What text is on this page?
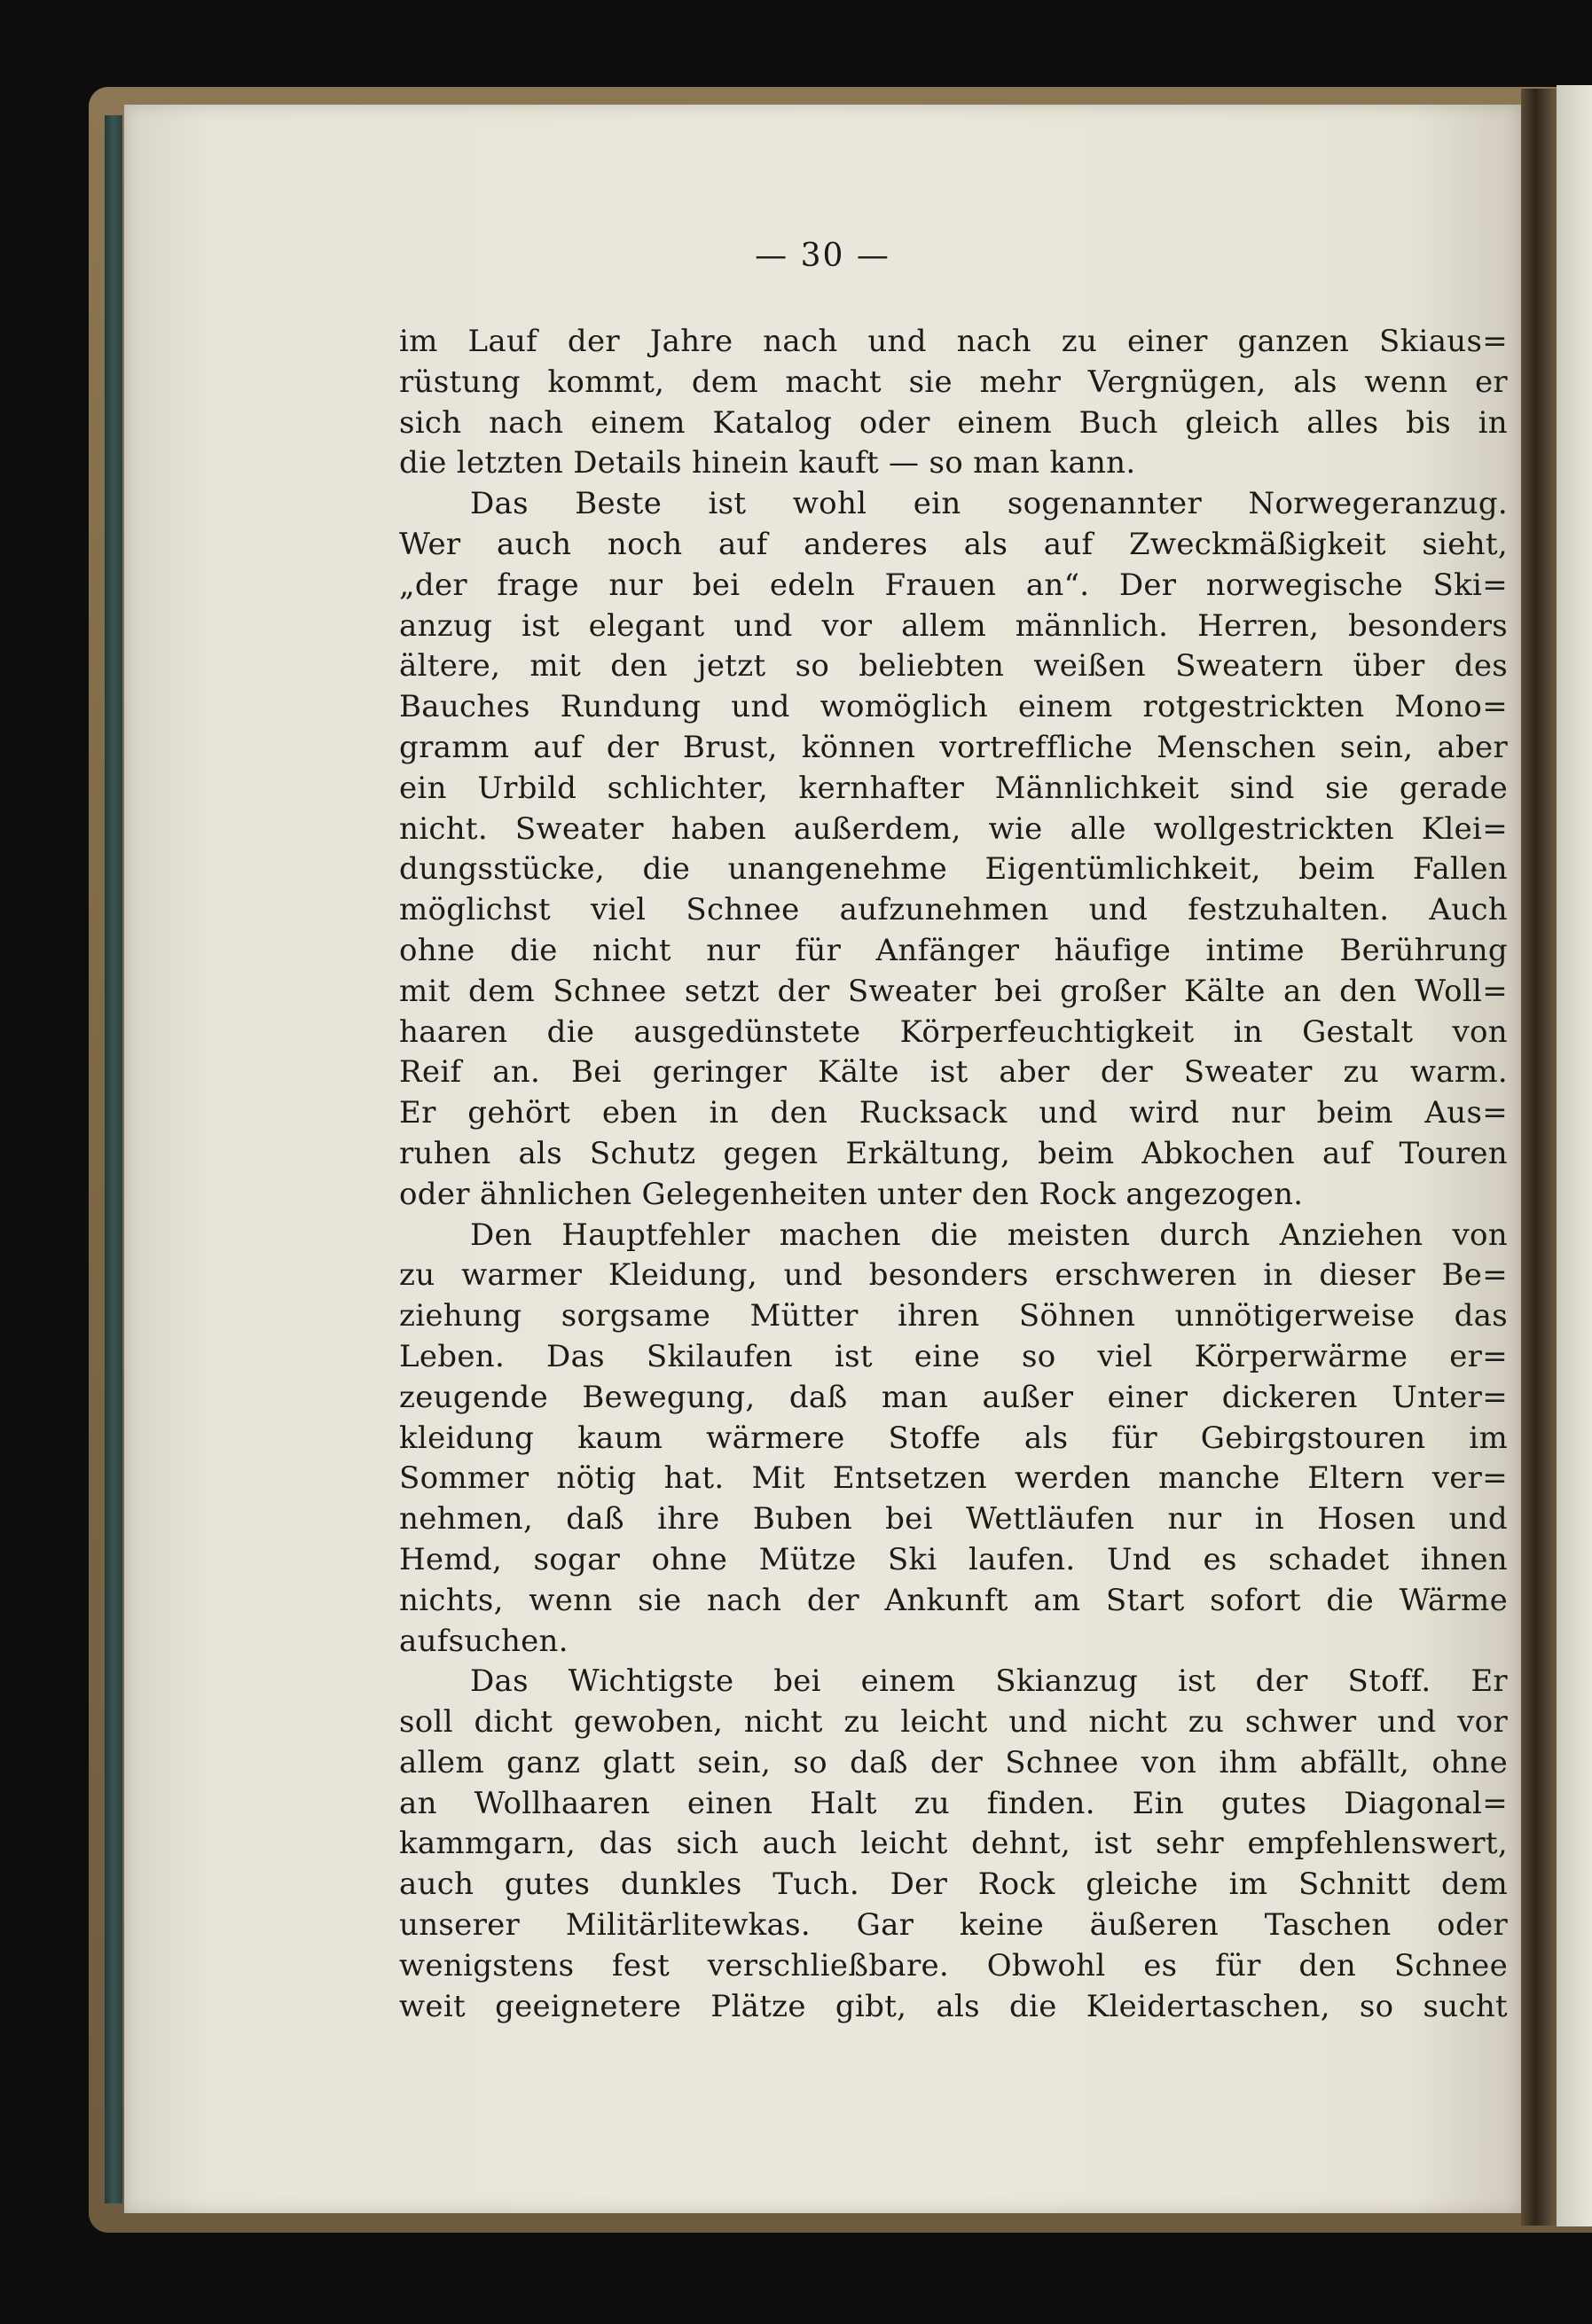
— 30 —
im Lauf der Jahre nach und nach zu einer ganzen Skiaus=
rüstung kommt, dem macht sie mehr Vergnügen, als wenn er
sich nach einem Katalog oder einem Buch gleich alles bis in
die letzten Details hinein kauft — so man kann.
Das Beste ist wohl ein sogenannter Norwegeranzug.
Wer auch noch auf anderes als auf Zweckmäßigkeit sieht,
„der frage nur bei edeln Frauen an“. Der norwegische Ski=
anzug ist elegant und vor allem männlich. Herren, besonders
ältere, mit den jetzt so beliebten weißen Sweatern über des
Bauches Rundung und womöglich einem rotgestrickten Mono=
gramm auf der Brust, können vortreffliche Menschen sein, aber
ein Urbild schlichter, kernhafter Männlichkeit sind sie gerade
nicht. Sweater haben außerdem, wie alle wollgestrickten Klei=
dungsstücke, die unangenehme Eigentümlichkeit, beim Fallen
möglichst viel Schnee aufzunehmen und festzuhalten. Auch
ohne die nicht nur für Anfänger häufige intime Berührung
mit dem Schnee setzt der Sweater bei großer Kälte an den Woll=
haaren die ausgedünstete Körperfeuchtigkeit in Gestalt von
Reif an. Bei geringer Kälte ist aber der Sweater zu warm.
Er gehört eben in den Rucksack und wird nur beim Aus=
ruhen als Schutz gegen Erkältung, beim Abkochen auf Touren
oder ähnlichen Gelegenheiten unter den Rock angezogen.
Den Hauptfehler machen die meisten durch Anziehen von
zu warmer Kleidung, und besonders erschweren in dieser Be=
ziehung sorgsame Mütter ihren Söhnen unnötigerweise das
Leben. Das Skilaufen ist eine so viel Körperwärme er=
zeugende Bewegung, daß man außer einer dickeren Unter=
kleidung kaum wärmere Stoffe als für Gebirgstouren im
Sommer nötig hat. Mit Entsetzen werden manche Eltern ver=
nehmen, daß ihre Buben bei Wettläufen nur in Hosen und
Hemd, sogar ohne Mütze Ski laufen. Und es schadet ihnen
nichts, wenn sie nach der Ankunft am Start sofort die Wärme
aufsuchen.
Das Wichtigste bei einem Skianzug ist der Stoff. Er
soll dicht gewoben, nicht zu leicht und nicht zu schwer und vor
allem ganz glatt sein, so daß der Schnee von ihm abfällt, ohne
an Wollhaaren einen Halt zu finden. Ein gutes Diagonal=
kammgarn, das sich auch leicht dehnt, ist sehr empfehlenswert,
auch gutes dunkles Tuch. Der Rock gleiche im Schnitt dem
unserer Militärlitewkas. Gar keine äußeren Taschen oder
wenigstens fest verschließbare. Obwohl es für den Schnee
weit geeignetere Plätze gibt, als die Kleidertaschen, so sucht
